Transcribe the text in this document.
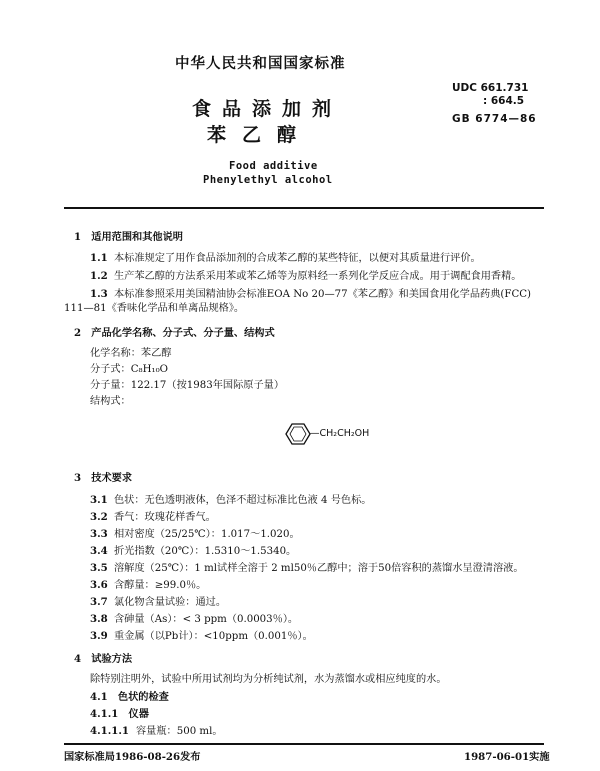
中华人民共和国国家标准
UDC 661.731
: 664.5
GB 6774—86
食品添加剂
苯乙醇
Food additive
Phenylethyl alcohol
1　适用范围和其他说明
1.1 本标准规定了用作食品添加剂的合成苯乙醇的某些特征，以便对其质量进行评价。
1.2 生产苯乙醇的方法系采用苯或苯乙烯等为原料经一系列化学反应合成。用于调配食用香精。
1.3 本标准参照采用美国精油协会标准EOA No 20—77《苯乙醇》和美国食用化学品药典(FCC)
111—81《香味化学品和单离品规格》。
2　产品化学名称、分子式、分子量、结构式
化学名称：苯乙醇
分子式：C₈H₁₀O
分子量：122.17（按1983年国际原子量）
结构式：
—CH₂CH₂OH
3　技术要求
3.1 色状：无色透明液体，色泽不超过标准比色液 4 号色标。
3.2 香气：玫瑰花样香气。
3.3 相对密度（25/25℃）：1.017～1.020。
3.4 折光指数（20℃）：1.5310～1.5340。
3.5 溶解度（25℃）：1 ml试样全溶于 2 ml50％乙醇中；溶于50倍容积的蒸馏水呈澄清溶液。
3.6 含醇量：≥99.0％。
3.7 氯化物含量试验：通过。
3.8 含砷量（As）：< 3 ppm（0.0003％）。
3.9 重金属（以Pb计）：<10ppm（0.001％）。
4　试验方法
除特别注明外，试验中所用试剂均为分析纯试剂，水为蒸馏水或相应纯度的水。
4.1　色状的检查
4.1.1　仪器
4.1.1.1 容量瓶：500 ml。
国家标准局1986-08-26发布	1987-06-01实施
